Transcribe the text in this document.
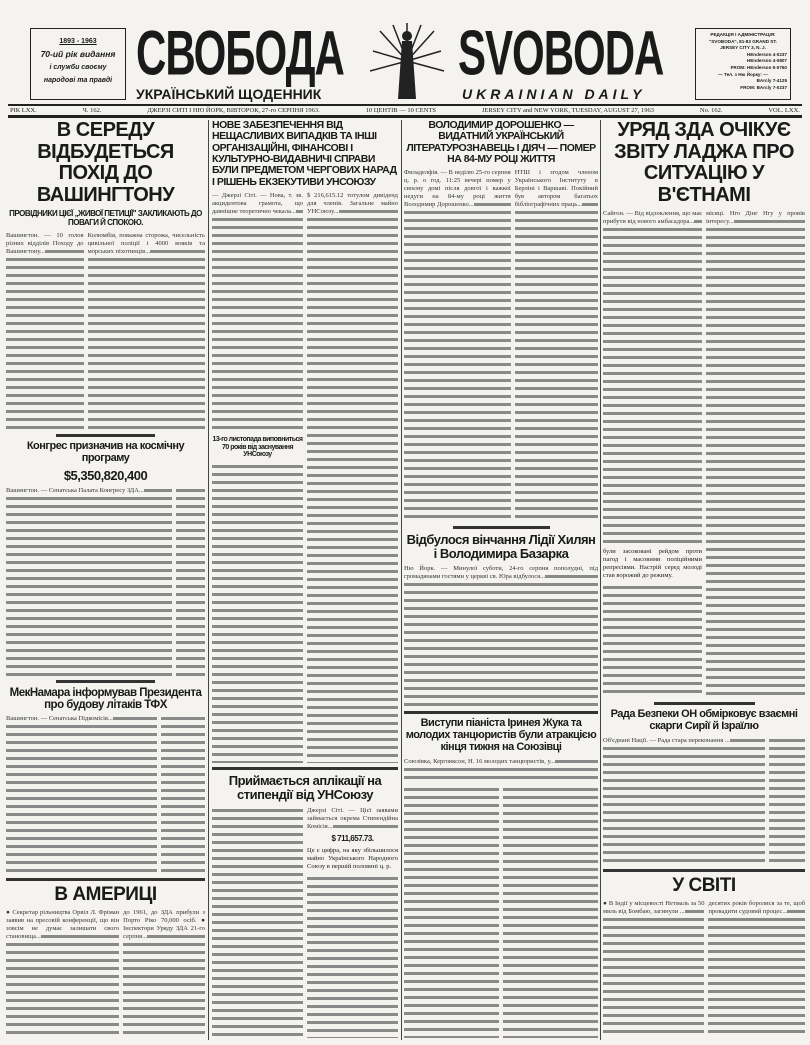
1893 - 1963
70-ий рік видання
і служби своєму
народові та правді СВОБОДА	SVOBODA
УКРАЇНСЬКИЙ ЩОДЕННИК	UKRAINIAN DAILY
РЕДАКЦІЯ І АДМІНІСТРАЦІЯ:
"SVOBODA", 81-83 GRAND ST.
JERSEY CITY 3, N. J.
HEnderson 4-0237
HEnderson 4-0807
FROM: HEnderson 5-0760
— Тел. з Ню Йорку: —
BArcly 7-4125
FROM: BArcly 7-0237
РІК LXX.	Ч. 162.	ДЖЕРЗІ СИТІ І НЮ ЙОРК, ВІВТОРОК, 27-го СЕРПНЯ 1963.	10 ЦЕНТІВ — 10 CENTS	JERSEY CITY and NEW YORK, TUESDAY, AUGUST 27, 1963	No. 162.	VOL. LXX.
В СЕРЕДУ ВІДБУДЕТЬСЯ ПОХІД ДО ВАШИНГТОНУ
ПРОВІДНИКИ ЦІЄЇ „ЖИВОЇ ПЕТИЦІЇ" ЗАКЛИКАЮТЬ ДО ПОВАГИ Й СПОКОЮ.
Вашингтон. — 10 голов різних відділів Походу до Вашингтону...
Колюмбія, поважна сторожа, чисельність цивільної поліції і 4000 вояків та морських піхотинців...
Конгрес призначив на космічну програму
$5,350,820,400
Вашингтон. — Сенатська Палата Конгресу ЗДА...
МекНамара інформував Президента про будову літаків ТФХ
Вашингтон. — Сенатська Підкомісія...
В АМЕРИЦІ
● Секретар рільництва Орвіл Л. Фріман заявив на пресовій конференції, що він зовсім не думає залишати свого становища...
до 1961, до ЗДА прибули з Порто Ріко 70,000 осіб. ● Інспектори Уряду ЗДА 21-го серпня...
НОВЕ ЗАБЕЗПЕЧЕННЯ ВІД НЕЩАСЛИВИХ ВИПАДКІВ ТА ІНШІ ОРГАНІЗАЦІЙНІ, ФІНАНСОВІ І КУЛЬТУРНО-ВИДАВНИЧІ СПРАВИ БУЛИ ПРЕДМЕТОМ ЧЕРГОВИХ НАРАД І РІШЕНЬ ЕКЗЕКУТИВИ УНСОЮЗУ
— Джерзі Сіті. — Нова, т. зв. акцидентова грамота, що давнішне теоретично чекала...
13-го листопада виповниться 70 років від заснування УНСоюзу
$ 216,615.12 тотулом дивіденд для членів. Загальне майно УНСоюзу...
Приймається аплікації на стипендії від УНСоюзу
Джерзі Сіті. — Цієї заявами займається окрема Стипендійна Комісія...
$ 711,657.73.
Це є цифра, на яку збільшилося майно Українського Народного Союзу в першій половині ц. р.
ВОЛОДИМИР ДОРОШЕНКО — ВИДАТНИЙ УКРАЇНСЬКИЙ ЛІТЕРАТУРОЗНАВЕЦЬ І ДІЯЧ — ПОМЕР НА 84-МУ РОЦІ ЖИТТЯ
Филаделфія. — В неділю 25-го серпня ц. р. о год. 11:25 вечері помер у своєму домі після довгої і важкої недуги на 84-му році життя Володимир Дорошенко...
НТШ і згодом членом Українського Інституту в Берліні і Варшаві. Покійний був автором багатьох бібліографічних праць...
Відбулося вінчання Лідії Хилян і Володимира Базарка
Ню Йорк. — Минулої суботи, 24-го серпня пополудні, під громадянами гостями у церкві св. Юра відбулося...
Виступи піаніста Іринея Жука та молодих танцюристів були атракцією кінця тижня на Союзівці
Союзівка, Керговксон, Н. 16 молодих танцюристів, у...
УРЯД ЗДА ОЧІКУЄ ЗВІТУ ЛАДЖА ПРО СИТУАЦІЮ У В'ЄТНАМІ
Сайгон. — Від відзоклення, що має прибути від нового амбасадора...
були засоковані рейдом проти пагод і масовими поліційними репресіями. Настрій серед молоді став ворожий до режиму.
місяці. Нго Дінг Нгу у провів інтересу...
Рада Безпеки ОН обмірковує взаємні скарги Сирії й Ізраїлю
Об'єднані Нації. — Рада стара переконання ...
У СВІТІ
● В Індії у місцевості Нетмаль за 50 миль від Бомбаю, загинули ...
десятих років боролися за те, щоб провадити судовий процес...
